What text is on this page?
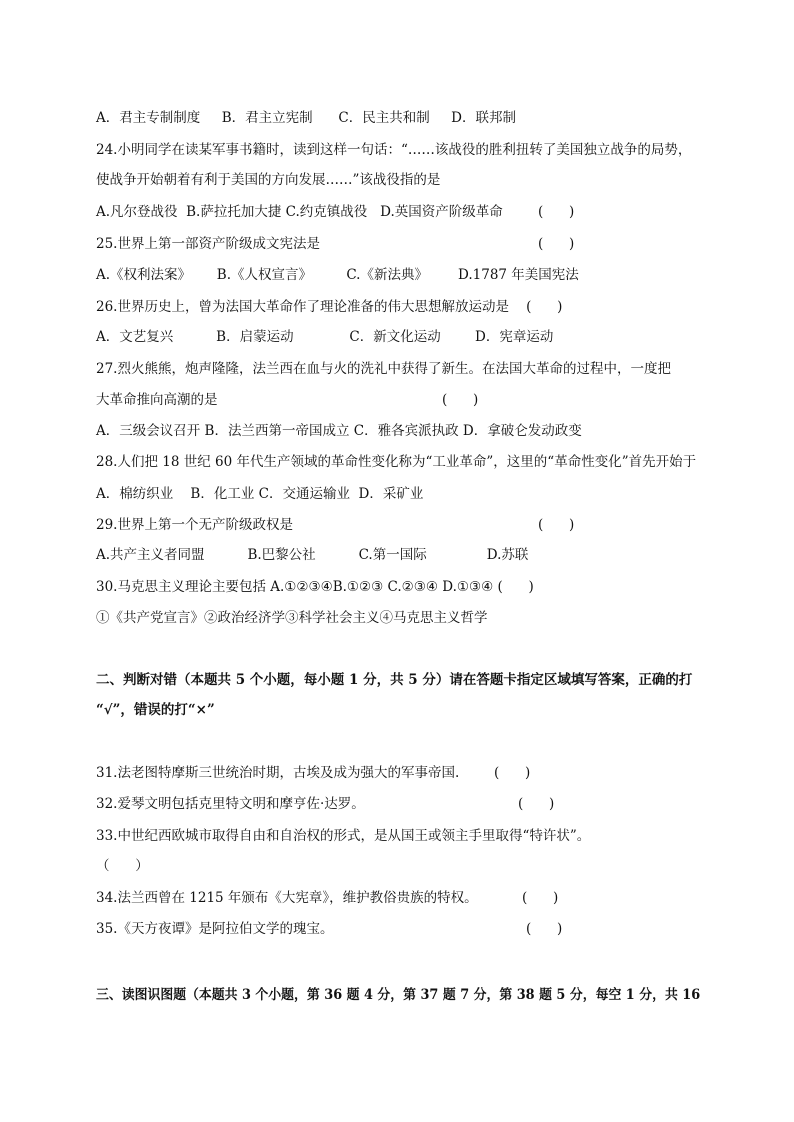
A．君主专制制度     B．君主立宪制      C．民主共和制     D．联邦制
24.小明同学在读某军事书籍时，读到这样一句话：“……该战役的胜利扭转了美国独立战争的局势，
使战争开始朝着有利于美国的方向发展……”该战役指的是
A.凡尔登战役  B.萨拉托加大捷 C.约克镇战役   D.英国资产阶级革命	(      )
25.世界上第一部资产阶级成文宪法是	(      )
A.《权利法案》      B.《人权宣言》        C.《新法典》       D.1787 年美国宪法
26.世界历史上，曾为法国大革命作了理论准备的伟大思想解放运动是    (      )
A．文艺复兴          B．启蒙运动             C．新文化运动        D．宪章运动
27.烈火熊熊，炮声隆隆，法兰西在血与火的洗礼中获得了新生。在法国大革命的过程中，一度把
大革命推向高潮的是	(      )
A．三级会议召开 B．法兰西第一帝国成立 C．雅各宾派执政 D．拿破仑发动政变
28.人们把 18 世纪 60 年代生产领域的革命性变化称为“工业革命”，这里的“革命性变化”首先开始于
A．棉纺织业    B．化工业 C．交通运输业  D．采矿业
29.世界上第一个无产阶级政权是	(      )
A.共产主义者同盟          B.巴黎公社          C.第一国际              D.苏联
30.马克思主义理论主要包括 A.①②③④B.①②③ C.②③④ D.①③④ (      )
①《共产党宣言》②政治经济学③科学社会主义④马克思主义哲学
二、判断对错（本题共 5 个小题，每小题 1 分，共 5 分）请在答题卡指定区域填写答案，正确的打
“√”，错误的打“×”
31.法老图特摩斯三世统治时期，古埃及成为强大的军事帝国.	(      )
32.爱琴文明包括克里特文明和摩亨佐·达罗。	(      )
33.中世纪西欧城市取得自由和自治权的形式，是从国王或领主手里取得“特许状”。
（      ）
34.法兰西曾在 1215 年颁布《大宪章》，维护教俗贵族的特权。	(      )
35.《天方夜谭》是阿拉伯文学的瑰宝。	(      )
三、读图识图题（本题共 3 个小题，第 36 题 4 分，第 37 题 7 分，第 38 题 5 分，每空 1 分，共 16
